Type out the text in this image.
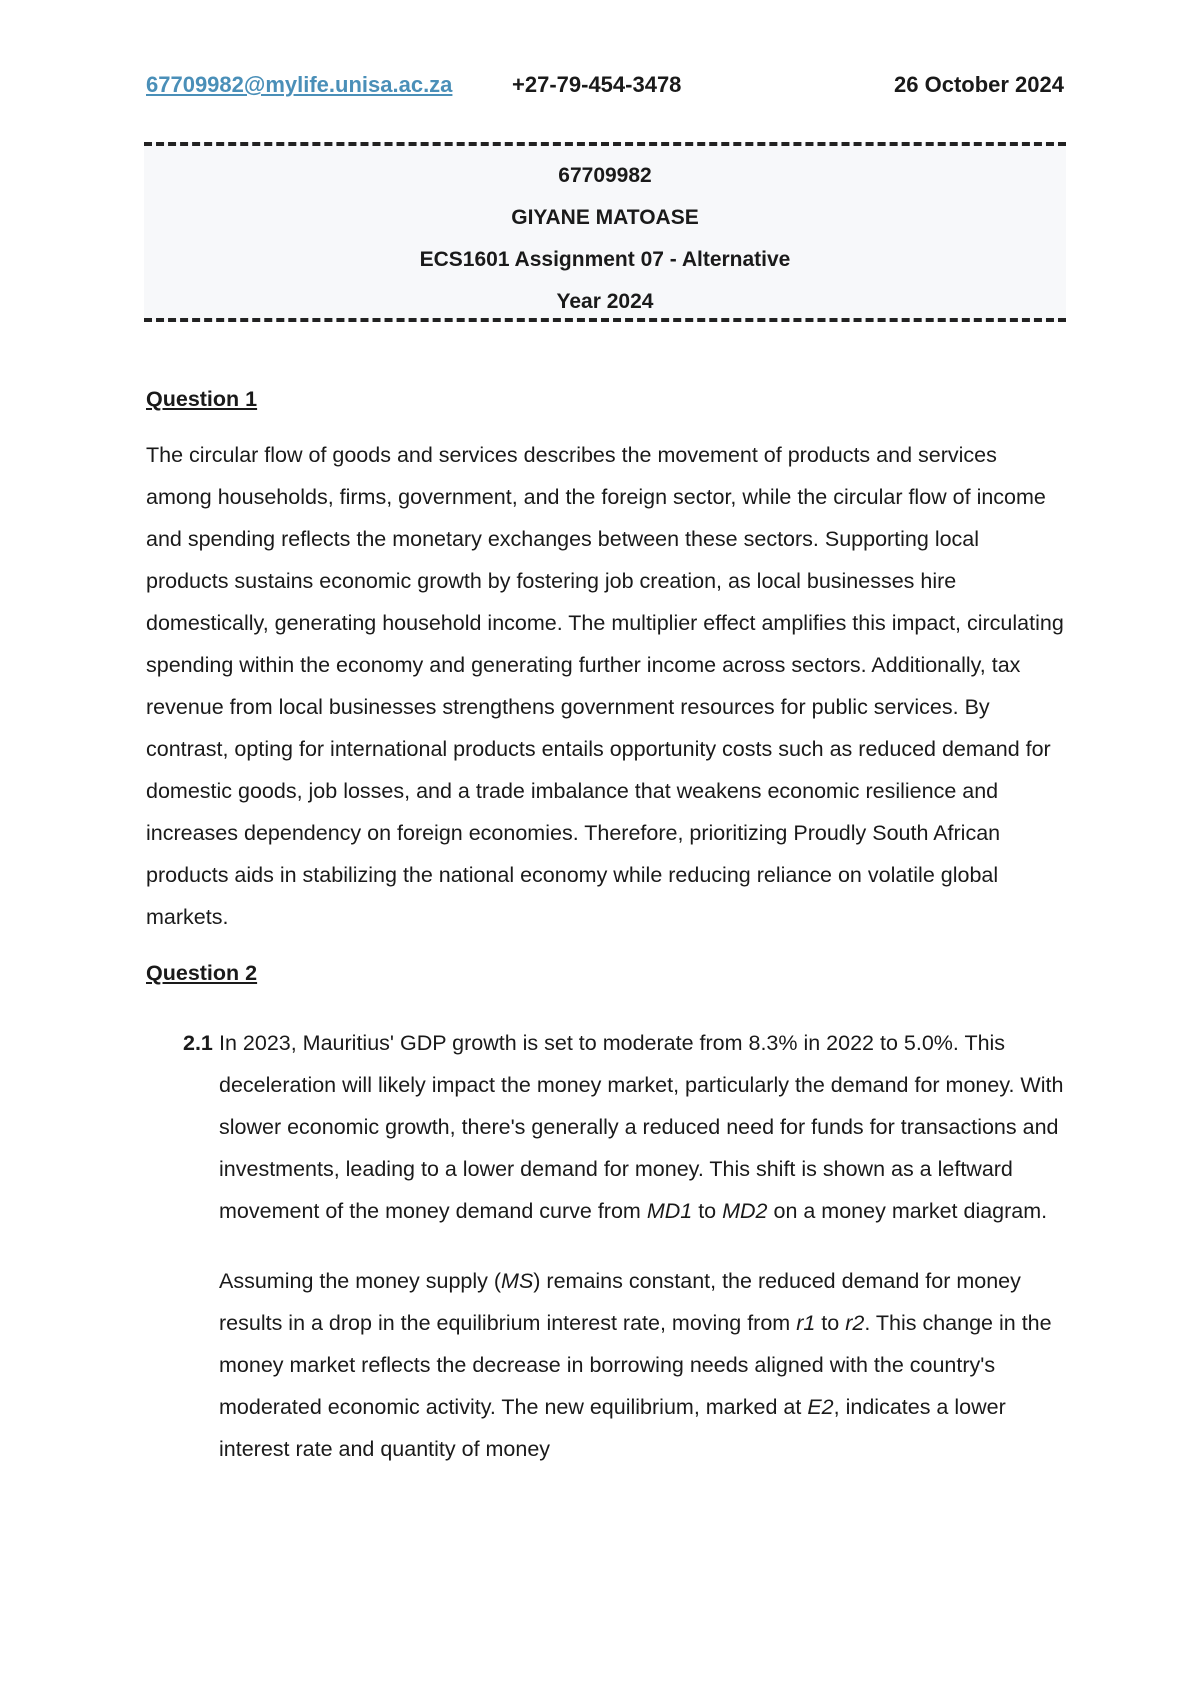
67709982@mylife.unisa.ac.za	+27-79-454-3478	26 October 2024
67709982
GIYANE MATOASE
ECS1601 Assignment 07 - Alternative
Year 2024

Question 1

The circular flow of goods and services describes the movement of products and services among households, firms, government, and the foreign sector, while the circular flow of income and spending reflects the monetary exchanges between these sectors. Supporting local products sustains economic growth by fostering job creation, as local businesses hire domestically, generating household income. The multiplier effect amplifies this impact, circulating spending within the economy and generating further income across sectors. Additionally, tax revenue from local businesses strengthens government resources for public services. By contrast, opting for international products entails opportunity costs such as reduced demand for domestic goods, job losses, and a trade imbalance that weakens economic resilience and increases dependency on foreign economies. Therefore, prioritizing Proudly South African products aids in stabilizing the national economy while reducing reliance on volatile global markets.

Question 2

2.1 In 2023, Mauritius' GDP growth is set to moderate from 8.3% in 2022 to 5.0%. This deceleration will likely impact the money market, particularly the demand for money. With slower economic growth, there's generally a reduced need for funds for transactions and investments, leading to a lower demand for money. This shift is shown as a leftward movement of the money demand curve from MD1 to MD2 on a money market diagram.

Assuming the money supply (MS) remains constant, the reduced demand for money results in a drop in the equilibrium interest rate, moving from r1 to r2. This change in the money market reflects the decrease in borrowing needs aligned with the country's moderated economic activity. The new equilibrium, marked at E2, indicates a lower interest rate and quantity of money
